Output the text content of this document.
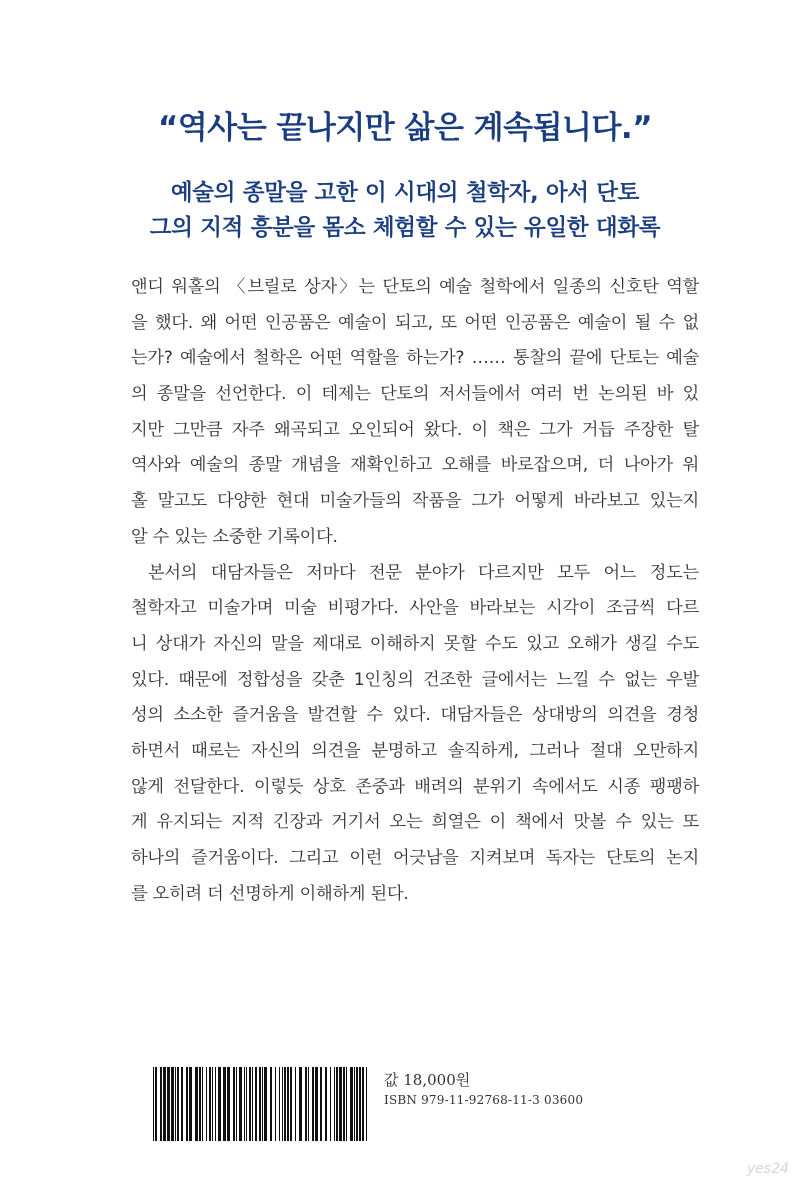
“역사는 끝나지만 삶은 계속됩니다.”
예술의 종말을 고한 이 시대의 철학자, 아서 단토
그의 지적 흥분을 몸소 체험할 수 있는 유일한 대화록
앤디 워홀의 〈브릴로 상자〉는 단토의 예술 철학에서 일종의 신호탄 역할
을 했다. 왜 어떤 인공품은 예술이 되고, 또 어떤 인공품은 예술이 될 수 없
는가? 예술에서 철학은 어떤 역할을 하는가? …… 통찰의 끝에 단토는 예술
의 종말을 선언한다. 이 테제는 단토의 저서들에서 여러 번 논의된 바 있
지만 그만큼 자주 왜곡되고 오인되어 왔다. 이 책은 그가 거듭 주장한 탈
역사와 예술의 종말 개념을 재확인하고 오해를 바로잡으며, 더 나아가 워
홀 말고도 다양한 현대 미술가들의 작품을 그가 어떻게 바라보고 있는지
알 수 있는 소중한 기록이다.
본서의 대담자들은 저마다 전문 분야가 다르지만 모두 어느 정도는
철학자고 미술가며 미술 비평가다. 사안을 바라보는 시각이 조금씩 다르
니 상대가 자신의 말을 제대로 이해하지 못할 수도 있고 오해가 생길 수도
있다. 때문에 정합성을 갖춘 1인칭의 건조한 글에서는 느낄 수 없는 우발
성의 소소한 즐거움을 발견할 수 있다. 대담자들은 상대방의 의견을 경청
하면서 때로는 자신의 의견을 분명하고 솔직하게, 그러나 절대 오만하지
않게 전달한다. 이렇듯 상호 존중과 배려의 분위기 속에서도 시종 팽팽하
게 유지되는 지적 긴장과 거기서 오는 희열은 이 책에서 맛볼 수 있는 또
하나의 즐거움이다. 그리고 이런 어긋남을 지켜보며 독자는 단토의 논지
를 오히려 더 선명하게 이해하게 된다.
값 18,000원
ISBN 979-11-92768-11-3 03600
yes24
